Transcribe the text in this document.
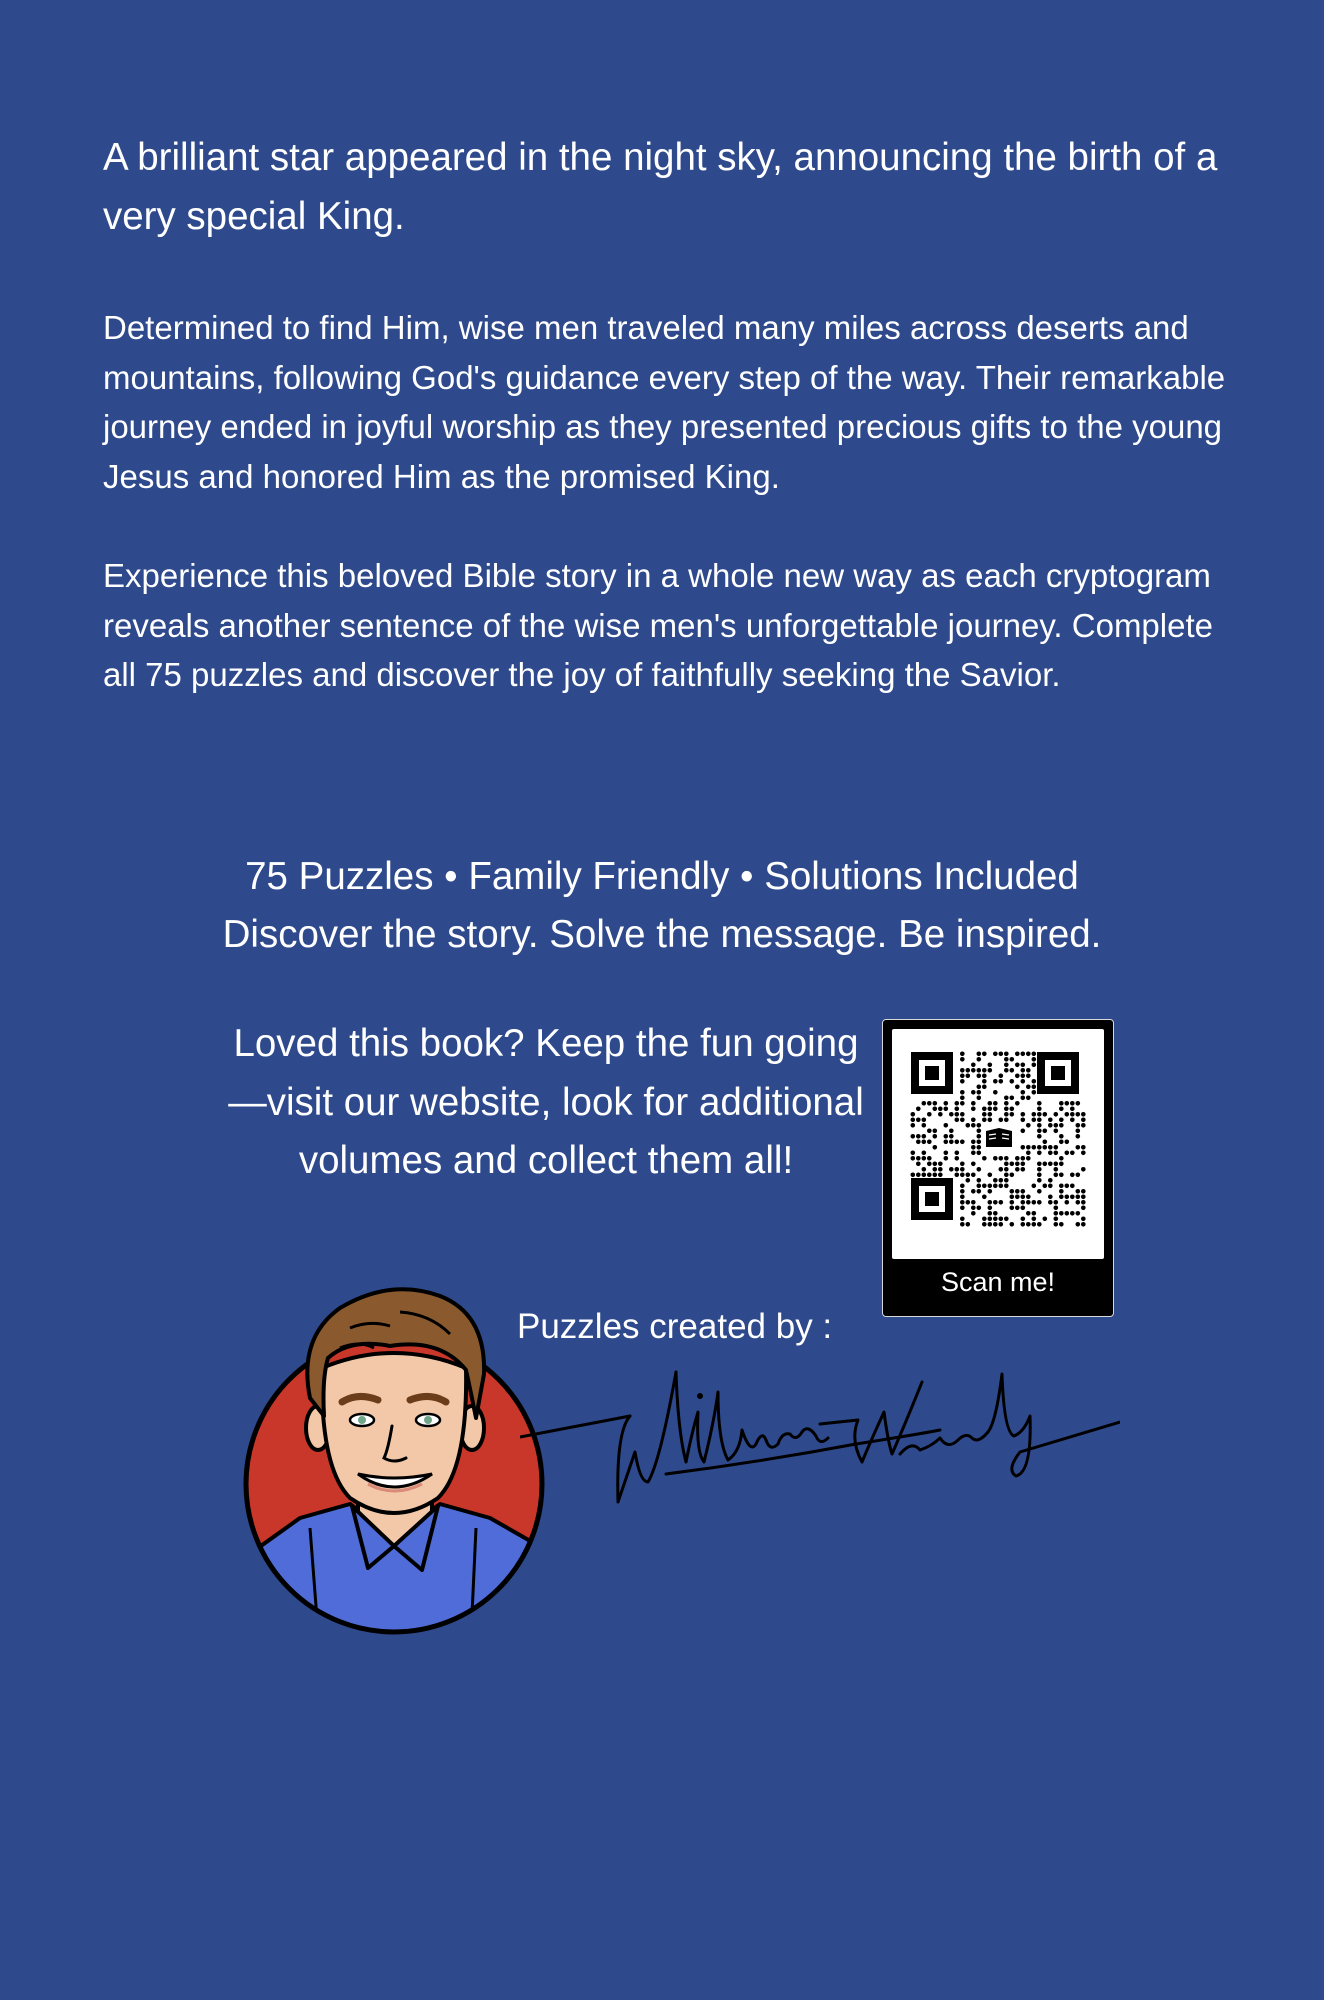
A brilliant star appeared in the night sky, announcing the birth of a very special King.

Determined to find Him, wise men traveled many miles across deserts and mountains, following God's guidance every step of the way. Their remarkable journey ended in joyful worship as they presented precious gifts to the young Jesus and honored Him as the promised King.

Experience this beloved Bible story in a whole new way as each cryptogram reveals another sentence of the wise men's unforgettable journey. Complete all 75 puzzles and discover the joy of faithfully seeking the Savior.

75 Puzzles • Family Friendly • Solutions Included
Discover the story. Solve the message. Be inspired.
Loved this book? Keep the fun going—visit our website, look for additional volumes and collect them all!
Scan me!
Puzzles created by :
